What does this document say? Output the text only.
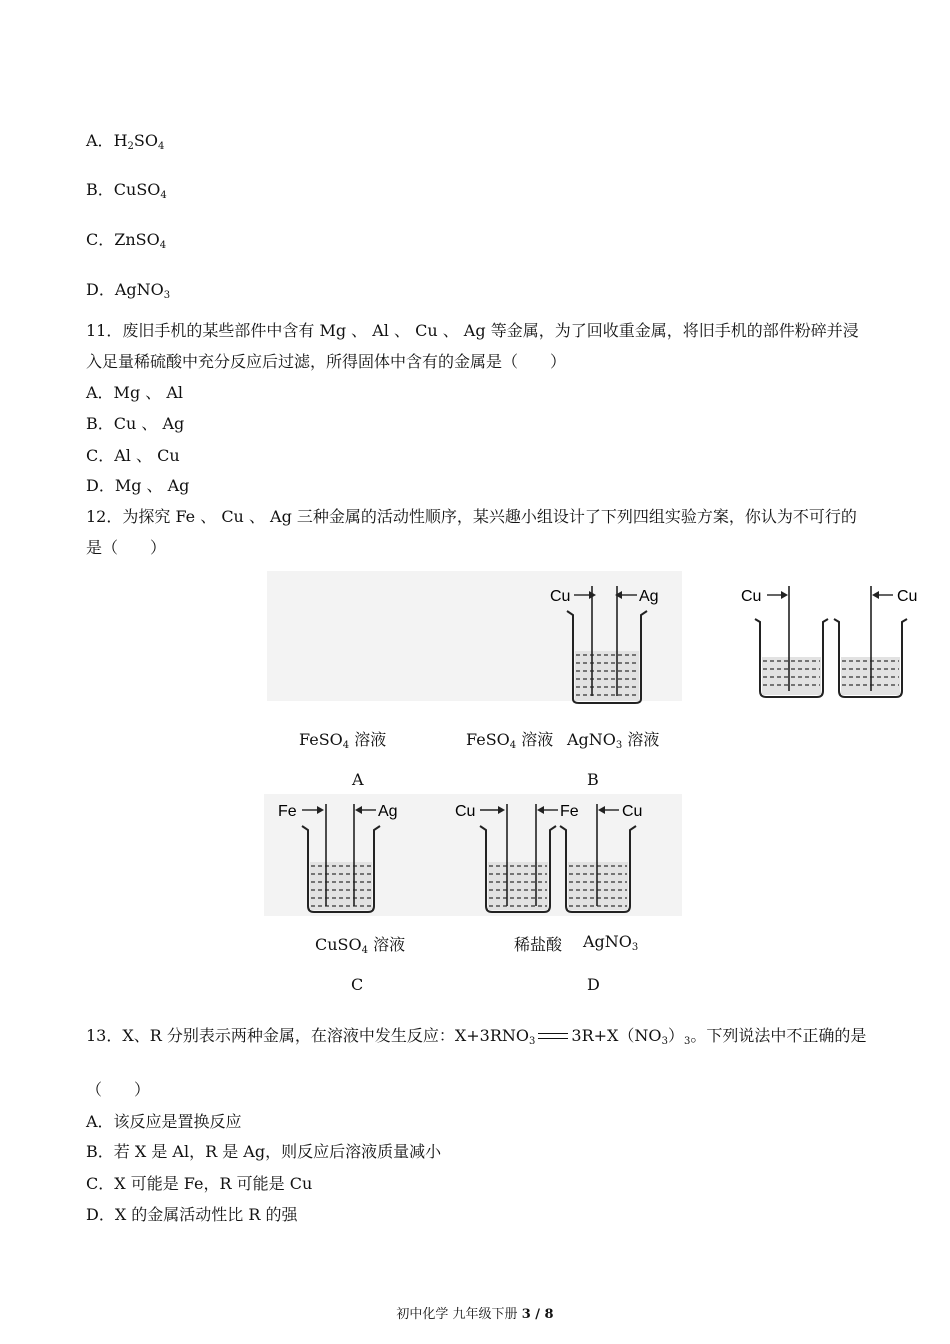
A．$H_2SO_4$
B．CuSO$_4$
C．ZnSO$_4$
D．AgNO$_3$
11．废旧手机的某些部件中含有 Mg 、 Al 、 Cu 、 Ag 等金属，为了回收重金属，将旧手机的部件粉碎并浸
入足量稀硫酸中充分反应后过滤，所得固体中含有的金属是（　　）
A．Mg 、 Al
B．Cu 、 Ag
C．Al 、 Cu
D．Mg 、 Ag
12．为探究 Fe 、 Cu 、 Ag 三种金属的活动性顺序，某兴趣小组设计了下列四组实验方案，你认为不可行的
是（　　）
Cu	Ag	Cu	Cu
FeSO$_4$ 溶液	FeSO$_4$ 溶液 AgNO$_3$ 溶液
A	B
Fe	Ag	Cu	Fe	Cu
CuSO$_4$ 溶液	稀盐酸 AgNO$_3$
C	D
13．X、R 分别表示两种金属，在溶液中发生反应：$X+3RNO_3$ $3R+X(NO_3)_3$。下列说法中不正确的是
（　　）
A．该反应是置换反应
B．若 X 是 Al，R 是 Ag，则反应后溶液质量减小
C．X 可能是 Fe，R 可能是 Cu
D．X 的金属活动性比 R 的强
初中化学 九年级下册 3 / 8
